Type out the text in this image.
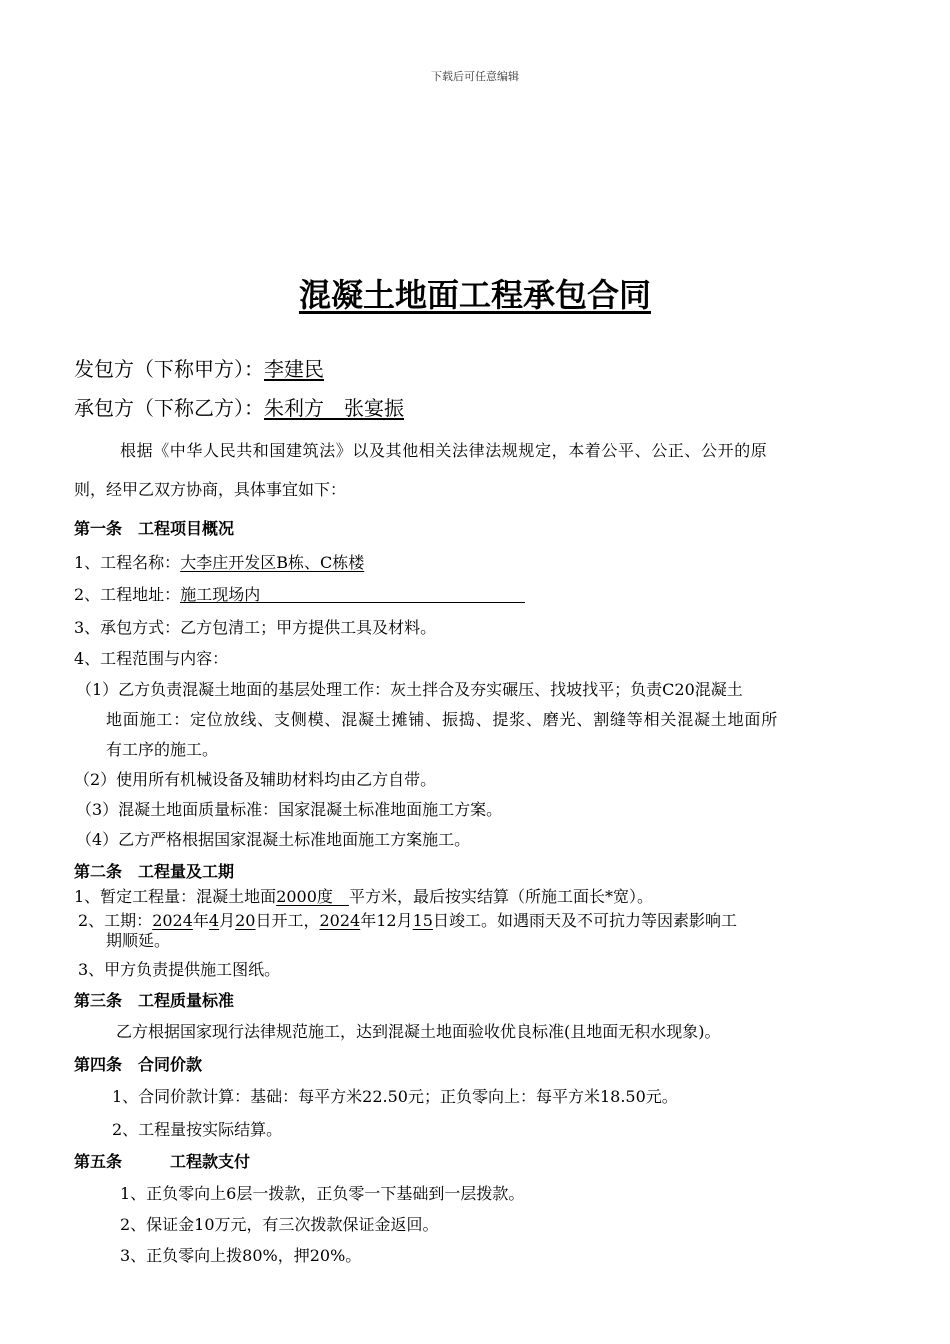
下载后可任意编辑
混凝土地面工程承包合同
发包方（下称甲方）：李建民
承包方（下称乙方）：朱利方　张宴振
根据《中华人民共和国建筑法》以及其他相关法律法规规定，本着公平、公正、公开的原
则，经甲乙双方协商，具体事宜如下：
第一条　工程项目概况
1、工程名称：大李庄开发区B栋、C栋楼
2、工程地址：施工现场内
3、承包方式：乙方包清工；甲方提供工具及材料。
4、工程范围与内容：
（1）乙方负责混凝土地面的基层处理工作：灰土拌合及夯实碾压、找坡找平；负责C20混凝土
地面施工：定位放线、支侧模、混凝土摊铺、振捣、提浆、磨光、割缝等相关混凝土地面所
有工序的施工。
（2）使用所有机械设备及辅助材料均由乙方自带。
（3）混凝土地面质量标准：国家混凝土标准地面施工方案。
（4）乙方严格根据国家混凝土标准地面施工方案施工。
第二条　工程量及工期
1、暂定工程量：混凝土地面2000度　 平方米，最后按实结算（所施工面长*宽）。
2、工期：2024年4月20日开工，2024年12月15日竣工。如遇雨天及不可抗力等因素影响工
期顺延。
3、甲方负责提供施工图纸。
第三条　工程质量标准
乙方根据国家现行法律规范施工，达到混凝土地面验收优良标准(且地面无积水现象)。
第四条　合同价款
1、合同价款计算：基础：每平方米22.50元；正负零向上：每平方米18.50元。
2、工程量按实际结算。
第五条　　　工程款支付
1、正负零向上6层一拨款，正负零一下基础到一层拨款。
2、保证金10万元，有三次拨款保证金返回。
3、正负零向上拨80%，押20%。
